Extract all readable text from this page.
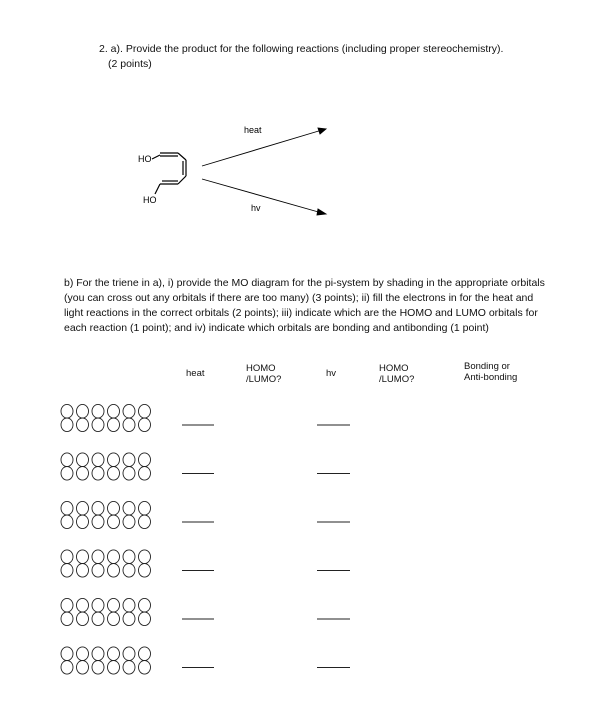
2. a). Provide the product for the following reactions (including proper stereochemistry).
(2 points)
HO
HO
heat
hv
b) For the triene in a), i) provide the MO diagram for the pi-system by shading in the appropriate orbitals (you can cross out any orbitals if there are too many) (3 points); ii) fill the electrons in for the heat and light reactions in the correct orbitals (2 points); iii) indicate which are the HOMO and LUMO orbitals for each reaction (1 point); and iv) indicate which orbitals are bonding and antibonding (1 point)
heat	HOMO
/LUMO?
hv	HOMO
/LUMO?
Bonding or
Anti-bonding
